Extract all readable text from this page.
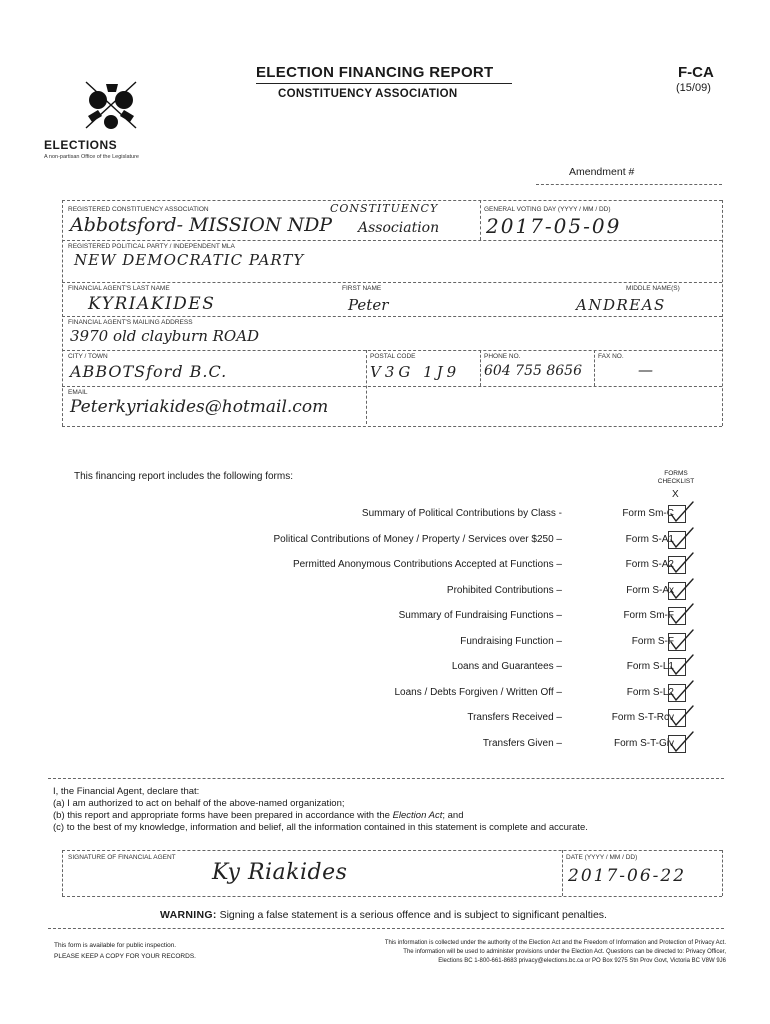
ELECTIONS
A non-partisan Office of the Legislature
ELECTION FINANCING REPORT
CONSTITUENCY ASSOCIATION
F-CA
(15/09)
Amendment #
REGISTERED CONSTITUENCY ASSOCIATION	CONSTITUENCY
Abbotsford- MISSION NDP Association
GENERAL VOTING DAY (YYYY / MM / DD)
2017-05-09
REGISTERED POLITICAL PARTY / INDEPENDENT MLA
NEW DEMOCRATIC PARTY
FINANCIAL AGENT'S LAST NAME
KYRIAKIDES
FIRST NAME
Peter
MIDDLE NAME(S)
ANDREAS
FINANCIAL AGENT'S MAILING ADDRESS
3970 old clayburn ROAD
CITY / TOWN
ABBOTSford B.C.
POSTAL CODE
V3G 1J9
PHONE NO.
604 755 8656
FAX NO.
—
EMAIL
Peterkyriakides@hotmail.com
This financing report includes the following forms:	FORMS CHECKLIST
X
Summary of Political Contributions by Class -	Form Sm-C
Political Contributions of Money / Property / Services over $250 –	Form S-A1
Permitted Anonymous Contributions Accepted at Functions –	Form S-A2
Prohibited Contributions –	Form S-Ax
Summary of Fundraising Functions –	Form Sm-F
Fundraising Function –	Form S-F
Loans and Guarantees –	Form S-L1
Loans / Debts Forgiven / Written Off –	Form S-L2
Transfers Received –	Form S-T-Rcv
Transfers Given –	Form S-T-Giv
I, the Financial Agent, declare that:
(a) I am authorized to act on behalf of the above-named organization;
(b) this report and appropriate forms have been prepared in accordance with the Election Act; and
(c) to the best of my knowledge, information and belief, all the information contained in this statement is complete and accurate.
SIGNATURE OF FINANCIAL AGENT
Ky Riakides
DATE (YYYY / MM / DD)
2017-06-22
WARNING: Signing a false statement is a serious offence and is subject to significant penalties.
This form is available for public inspection.
PLEASE KEEP A COPY FOR YOUR RECORDS.
This information is collected under the authority of the Election Act and the Freedom of Information and Protection of Privacy Act.
The information will be used to administer provisions under the Election Act. Questions can be directed to: Privacy Officer,
Elections BC 1-800-661-8683 privacy@elections.bc.ca or PO Box 9275 Stn Prov Govt, Victoria BC V8W 9J6
